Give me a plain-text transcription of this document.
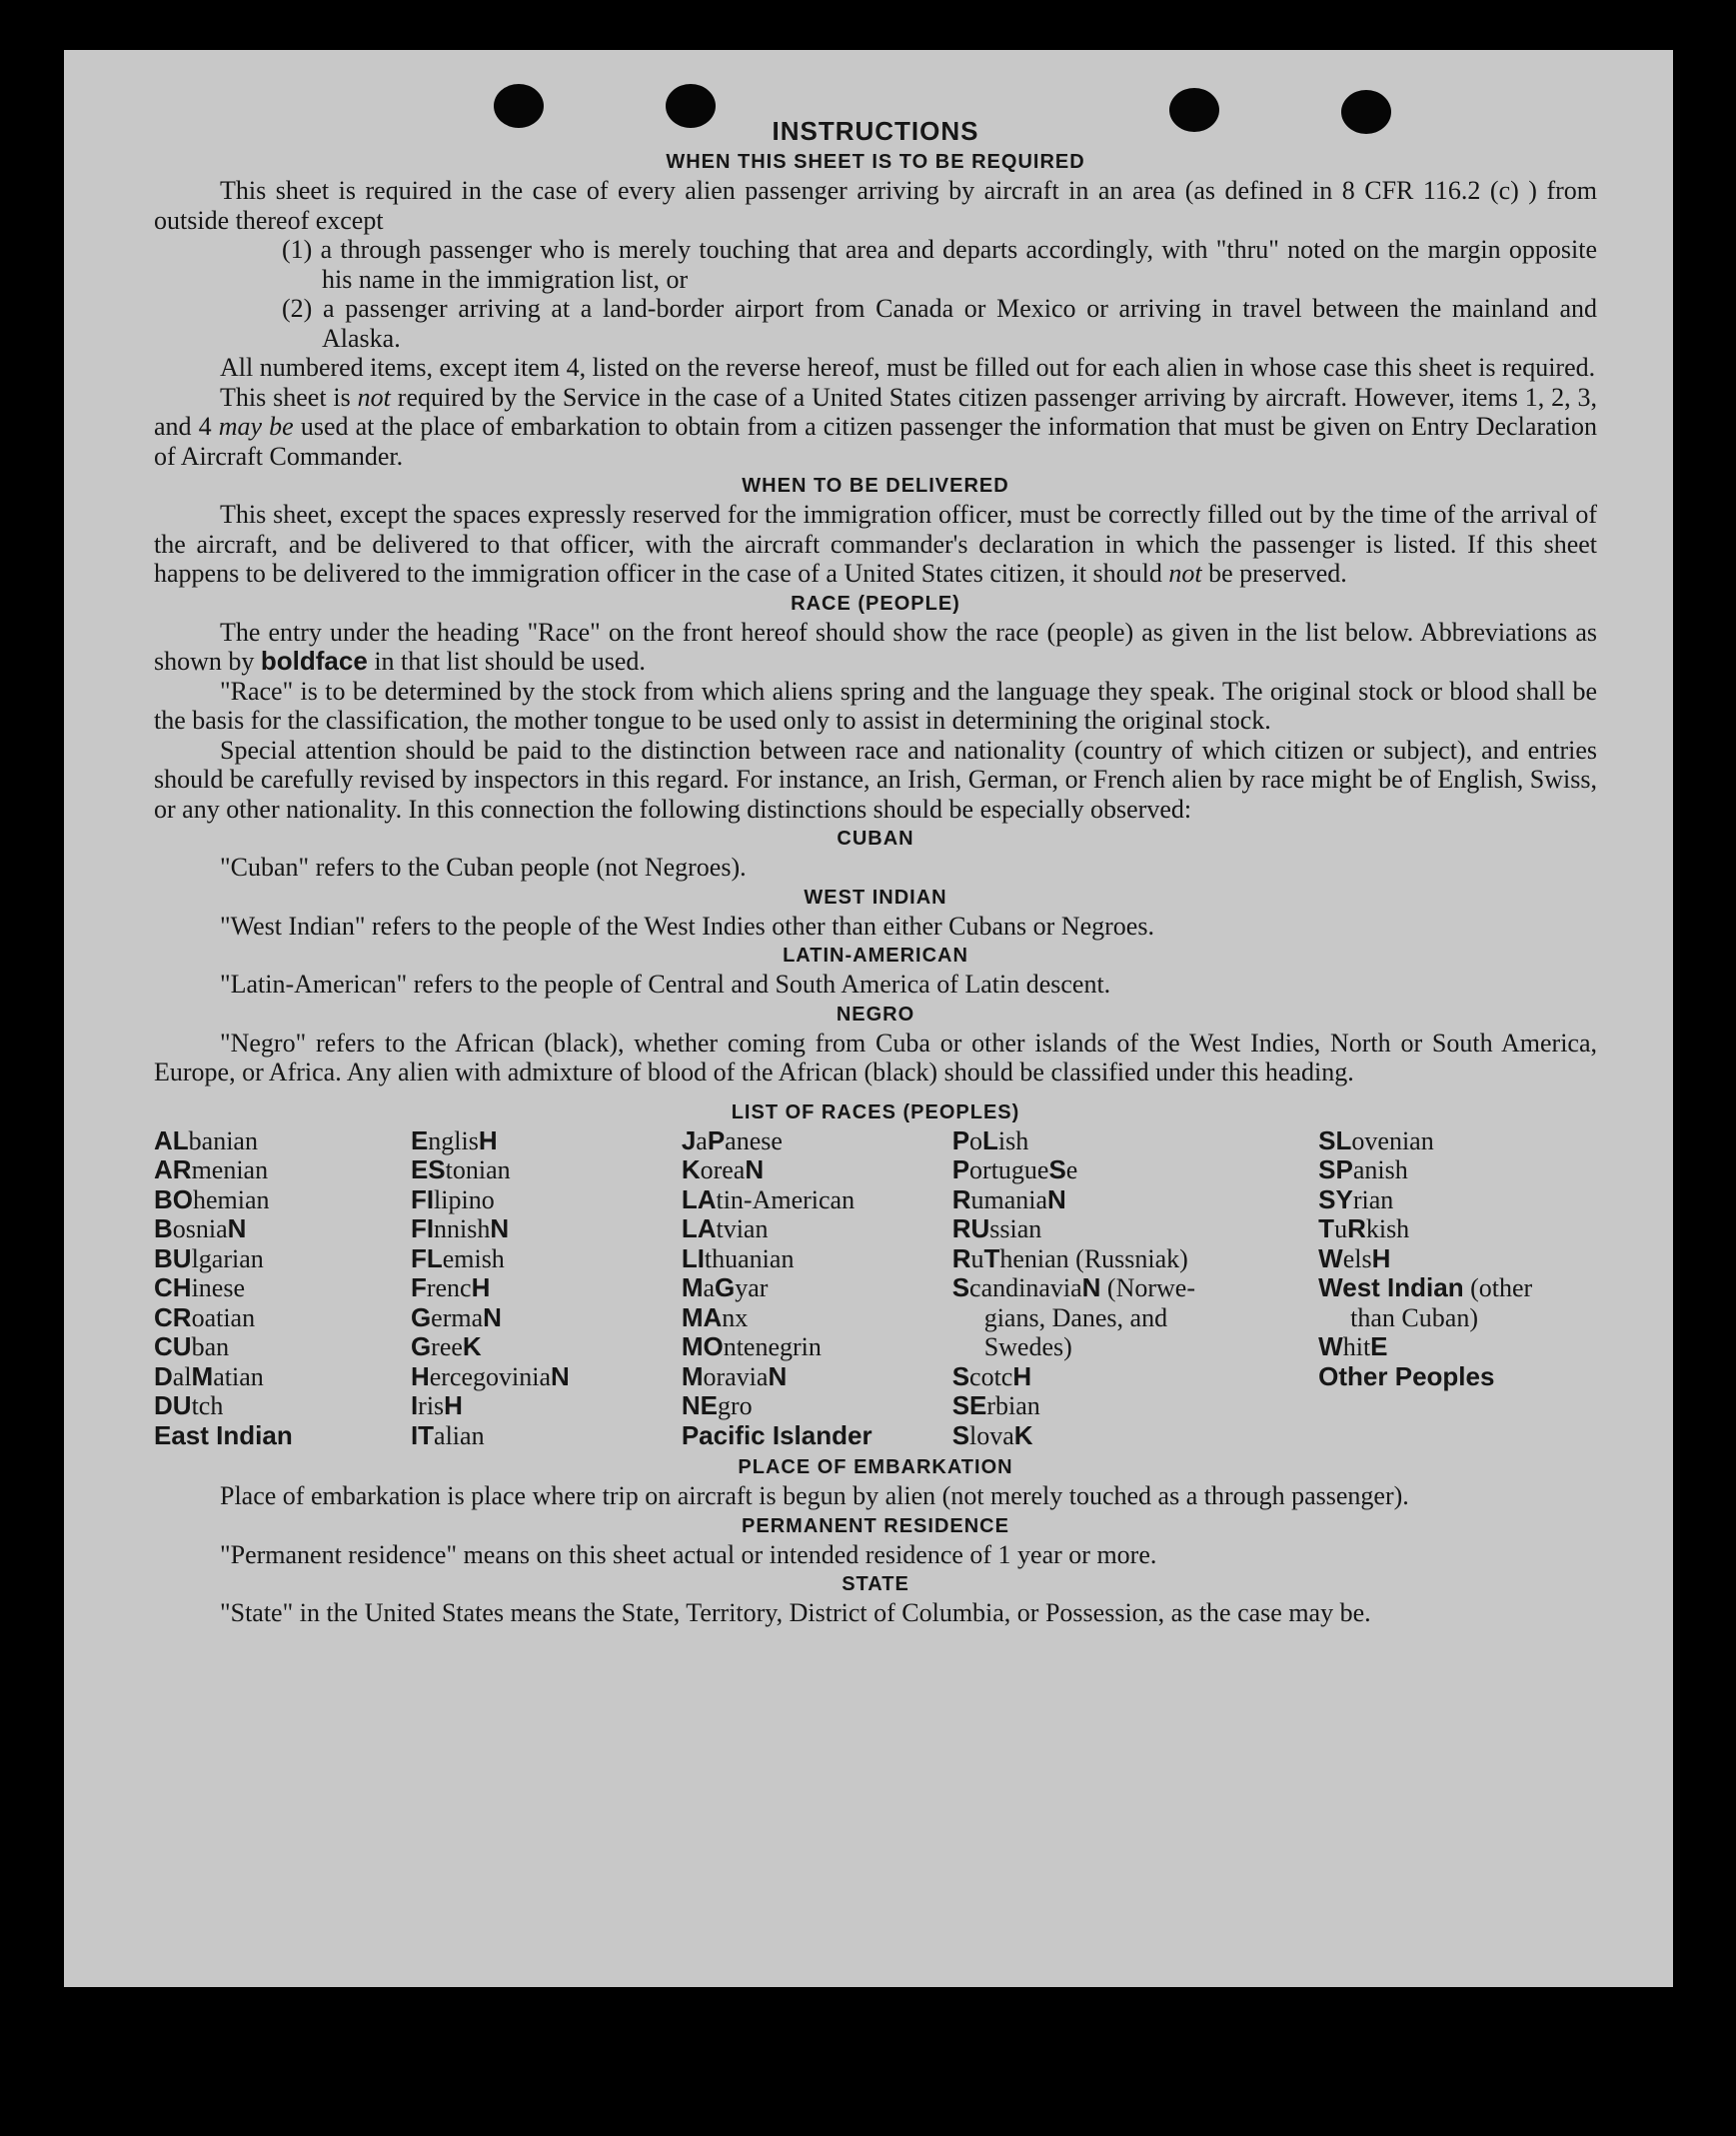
INSTRUCTIONS
WHEN THIS SHEET IS TO BE REQUIRED

This sheet is required in the case of every alien passenger arriving by aircraft in an area (as defined in 8 CFR 116.2 (c) ) from outside thereof except

(1) a through passenger who is merely touching that area and departs accordingly, with "thru" noted on the margin opposite his name in the immigration list, or

(2) a passenger arriving at a land-border airport from Canada or Mexico or arriving in travel between the mainland and Alaska.

All numbered items, except item 4, listed on the reverse hereof, must be filled out for each alien in whose case this sheet is required.

This sheet is not required by the Service in the case of a United States citizen passenger arriving by aircraft. However, items 1, 2, 3, and 4 may be used at the place of embarkation to obtain from a citizen passenger the information that must be given on Entry Declaration of Aircraft Commander.

WHEN TO BE DELIVERED

This sheet, except the spaces expressly reserved for the immigration officer, must be correctly filled out by the time of the arrival of the aircraft, and be delivered to that officer, with the aircraft commander's declaration in which the passenger is listed. If this sheet happens to be delivered to the immigration officer in the case of a United States citizen, it should not be preserved.

RACE (PEOPLE)

The entry under the heading "Race" on the front hereof should show the race (people) as given in the list below. Abbreviations as shown by boldface in that list should be used.

"Race" is to be determined by the stock from which aliens spring and the language they speak. The original stock or blood shall be the basis for the classification, the mother tongue to be used only to assist in determining the original stock.

Special attention should be paid to the distinction between race and nationality (country of which citizen or subject), and entries should be carefully revised by inspectors in this regard. For instance, an Irish, German, or French alien by race might be of English, Swiss, or any other nationality. In this connection the following distinctions should be especially observed:

CUBAN

"Cuban" refers to the Cuban people (not Negroes).

WEST INDIAN

"West Indian" refers to the people of the West Indies other than either Cubans or Negroes.

LATIN-AMERICAN

"Latin-American" refers to the people of Central and South America of Latin descent.

NEGRO

"Negro" refers to the African (black), whether coming from Cuba or other islands of the West Indies, North or South America, Europe, or Africa. Any alien with admixture of blood of the African (black) should be classified under this heading.

LIST OF RACES (PEOPLES)
ALbanian
ARmenian
BOhemian
BosniaN
BUlgarian
CHinese
CRoatian
CUban
DalMatian
DUtch
East Indian
EnglisH
EStonian
FIlipino
FInnishN
FLemish
FrencH
GermaN
GreeK
HercegoviniaN
IrisH
ITalian
JaPanese
KoreaN
LAtin-American
LAtvian
LIthuanian
MaGyar
MAnx
MOntenegrin
MoraviaN
NEgro
Pacific Islander
PoLish
PortugueSe
RumaniaN
RUssian
RuThenian (Russniak)
ScandinaviaN (Norwe-
gians, Danes, and
Swedes)
ScotcH
SErbian
SlovaK
SLovenian
SPanish
SYrian
TuRkish
WelsH
West Indian (other
than Cuban)
WhitE
Other Peoples
PLACE OF EMBARKATION

Place of embarkation is place where trip on aircraft is begun by alien (not merely touched as a through passenger).

PERMANENT RESIDENCE

"Permanent residence" means on this sheet actual or intended residence of 1 year or more.

STATE

"State" in the United States means the State, Territory, District of Columbia, or Possession, as the case may be.
